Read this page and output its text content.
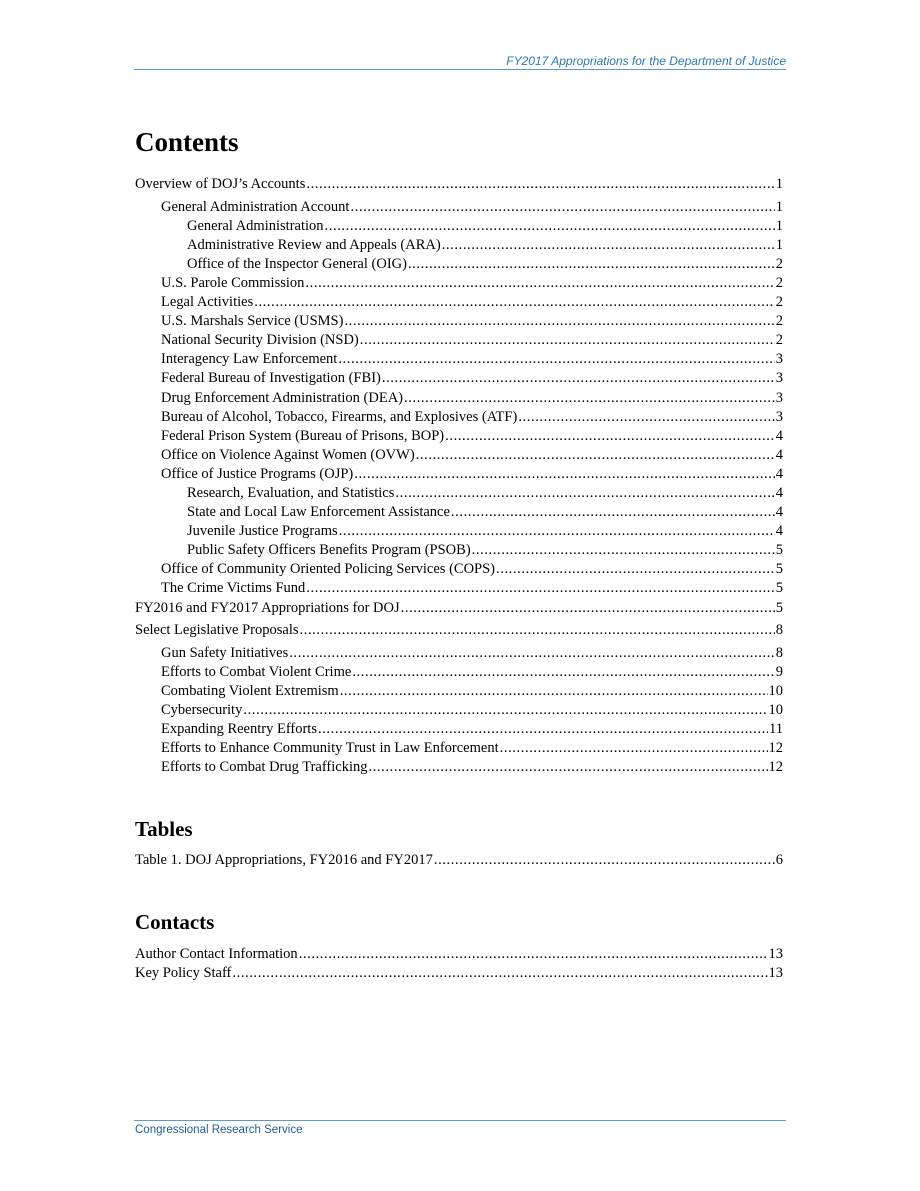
FY2017 Appropriations for the Department of Justice
Contents
Overview of DOJ’s Accounts .....	1
General Administration Account .....	1
General Administration .....	1
Administrative Review and Appeals (ARA) .....	1
Office of the Inspector General (OIG) .....	2
U.S. Parole Commission .....	2
Legal Activities .....	2
U.S. Marshals Service (USMS) .....	2
National Security Division (NSD) .....	2
Interagency Law Enforcement .....	3
Federal Bureau of Investigation (FBI) .....	3
Drug Enforcement Administration (DEA) .....	3
Bureau of Alcohol, Tobacco, Firearms, and Explosives (ATF) .....	3
Federal Prison System (Bureau of Prisons, BOP) .....	4
Office on Violence Against Women (OVW) .....	4
Office of Justice Programs (OJP) .....	4
Research, Evaluation, and Statistics .....	4
State and Local Law Enforcement Assistance .....	4
Juvenile Justice Programs .....	4
Public Safety Officers Benefits Program (PSOB) .....	5
Office of Community Oriented Policing Services (COPS) .....	5
The Crime Victims Fund .....	5
FY2016 and FY2017 Appropriations for DOJ .....	5
Select Legislative Proposals .....	8
Gun Safety Initiatives .....	8
Efforts to Combat Violent Crime .....	9
Combating Violent Extremism .....	10
Cybersecurity .....	10
Expanding Reentry Efforts .....	11
Efforts to Enhance Community Trust in Law Enforcement .....	12
Efforts to Combat Drug Trafficking .....	12
Tables
Table 1. DOJ Appropriations, FY2016 and FY2017 .....	6
Contacts
Author Contact Information .....	13
Key Policy Staff .....	13
Congressional Research Service
